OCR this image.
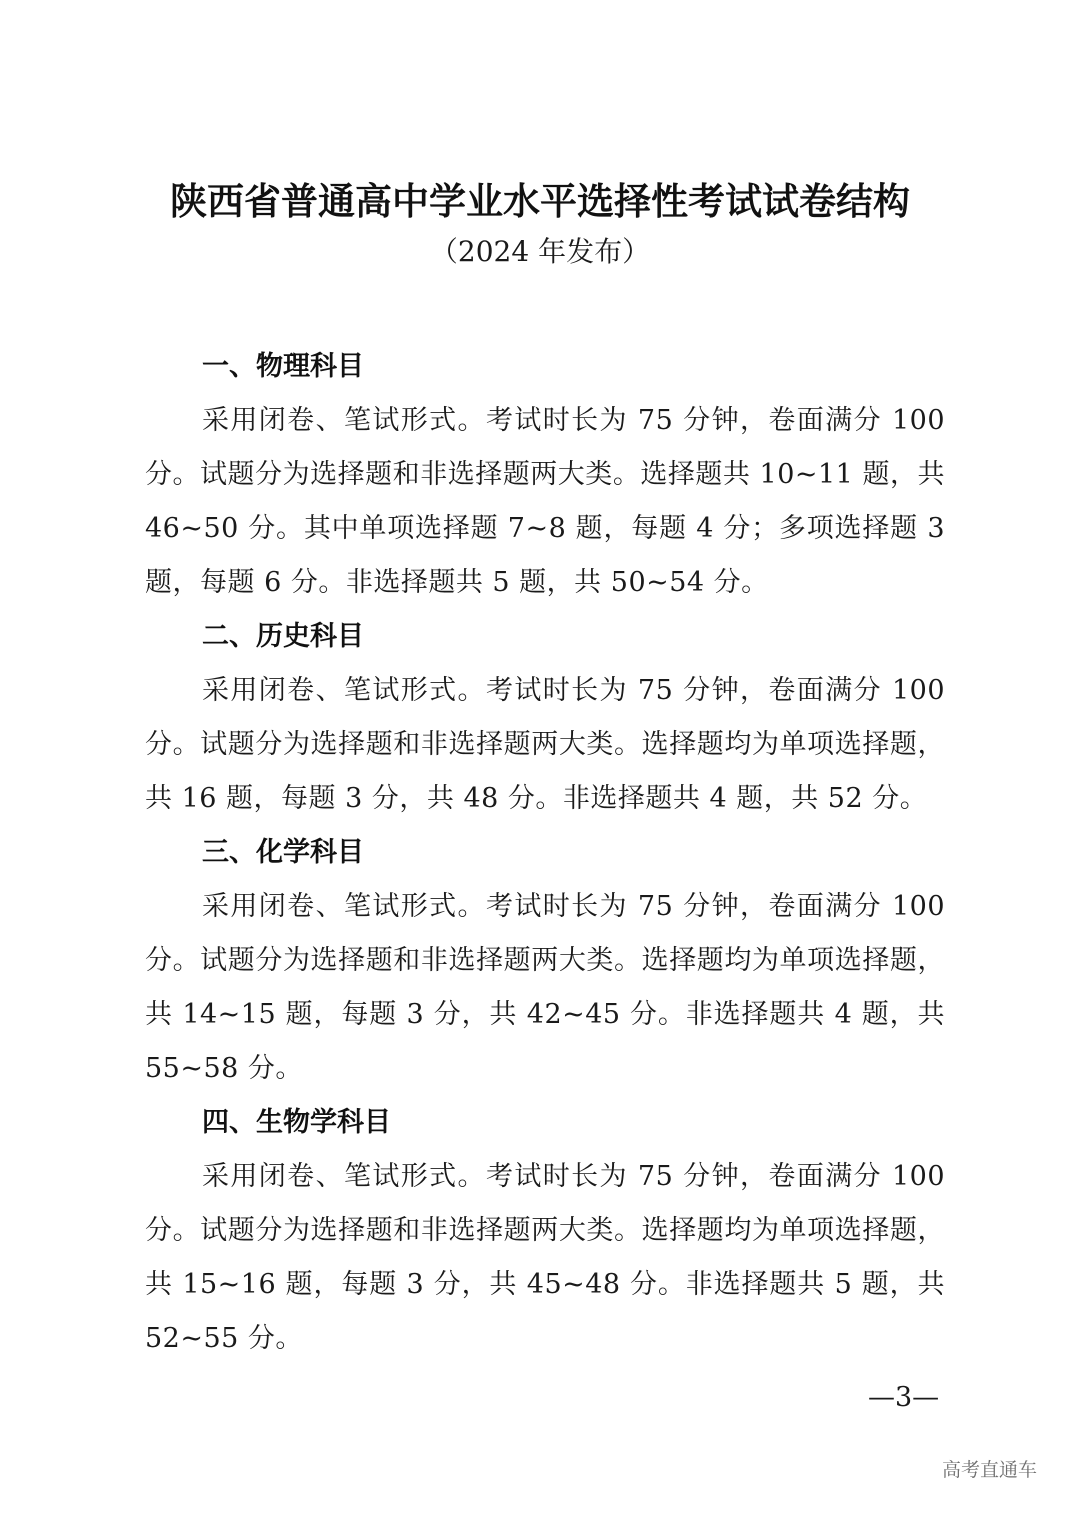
陕西省普通高中学业水平选择性考试试卷结构
（2024 年发布）

一、物理科目

采用闭卷、笔试形式。考试时长为 75 分钟，卷面满分 100 分。试题分为选择题和非选择题两大类。选择题共 10~11 题，共 46~50 分。其中单项选择题 7~8 题，每题 4 分；多项选择题 3 题，每题 6 分。非选择题共 5 题，共 50~54 分。

二、历史科目

采用闭卷、笔试形式。考试时长为 75 分钟，卷面满分 100 分。试题分为选择题和非选择题两大类。选择题均为单项选择题，共 16 题，每题 3 分，共 48 分。非选择题共 4 题，共 52 分。

三、化学科目

采用闭卷、笔试形式。考试时长为 75 分钟，卷面满分 100 分。试题分为选择题和非选择题两大类。选择题均为单项选择题，共 14~15 题，每题 3 分，共 42~45 分。非选择题共 4 题，共 55~58 分。

四、生物学科目

采用闭卷、笔试形式。考试时长为 75 分钟，卷面满分 100 分。试题分为选择题和非选择题两大类。选择题均为单项选择题，共 15~16 题，每题 3 分，共 45~48 分。非选择题共 5 题，共 52~55 分。

—3—
高考直通车
